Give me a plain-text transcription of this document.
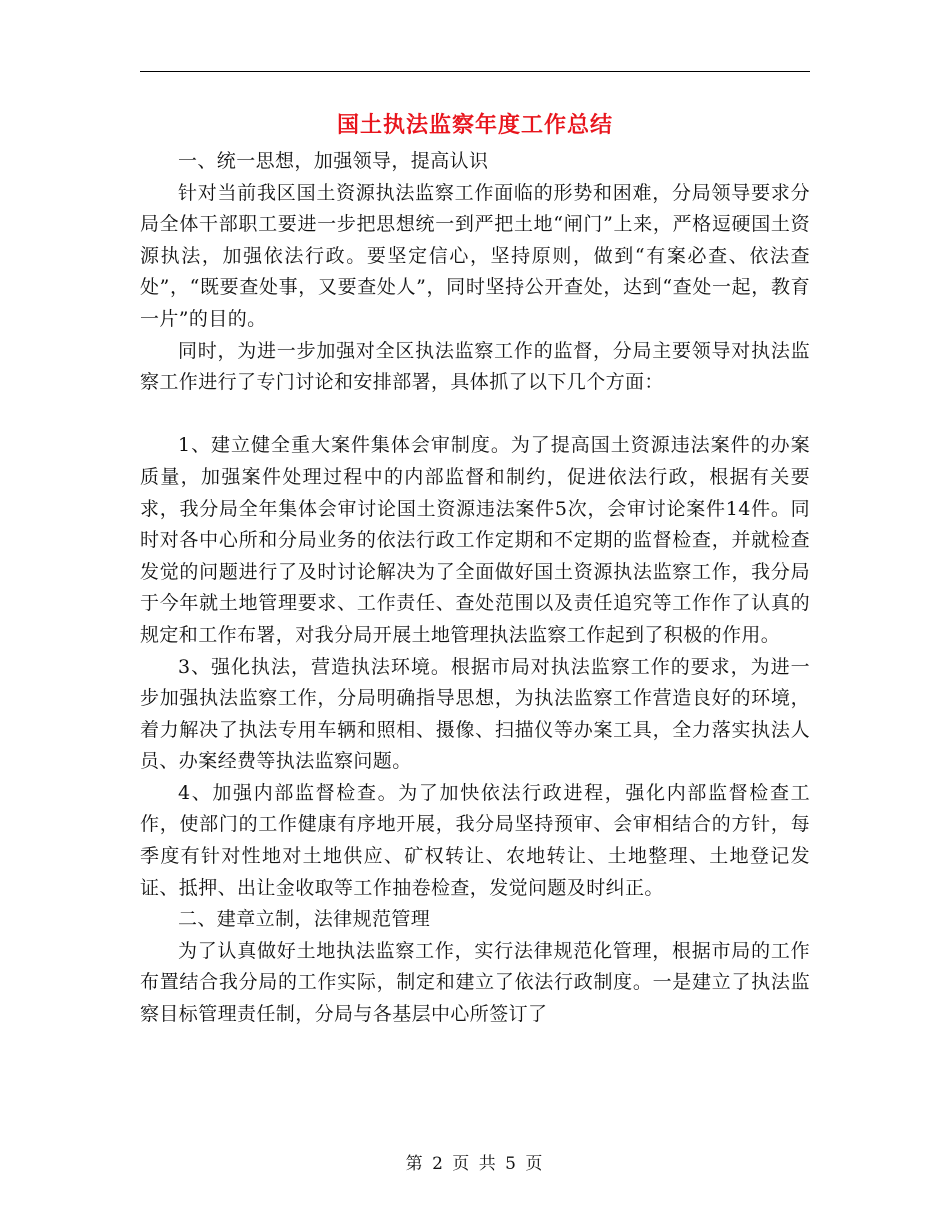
国土执法监察年度工作总结

一、统一思想，加强领导，提高认识

针对当前我区国土资源执法监察工作面临的形势和困难，分局领导要求分局全体干部职工要进一步把思想统一到严把土地“闸门”上来，严格逗硬国土资源执法，加强依法行政。要坚定信心，坚持原则，做到“有案必查、依法查处”，“既要查处事，又要查处人”，同时坚持公开查处，达到“查处一起，教育一片”的目的。

同时，为进一步加强对全区执法监察工作的监督，分局主要领导对执法监察工作进行了专门讨论和安排部署，具体抓了以下几个方面：

1、建立健全重大案件集体会审制度。为了提高国土资源违法案件的办案质量，加强案件处理过程中的内部监督和制约，促进依法行政，根据有关要求，我分局全年集体会审讨论国土资源违法案件5次，会审讨论案件14件。同时对各中心所和分局业务的依法行政工作定期和不定期的监督检查，并就检查发觉的问题进行了及时讨论解决为了全面做好国土资源执法监察工作，我分局于今年就土地管理要求、工作责任、查处范围以及责任追究等工作作了认真的规定和工作布署，对我分局开展土地管理执法监察工作起到了积极的作用。

3、强化执法，营造执法环境。根据市局对执法监察工作的要求，为进一步加强执法监察工作，分局明确指导思想，为执法监察工作营造良好的环境，着力解决了执法专用车辆和照相、摄像、扫描仪等办案工具，全力落实执法人员、办案经费等执法监察问题。

4、加强内部监督检查。为了加快依法行政进程，强化内部监督检查工作，使部门的工作健康有序地开展，我分局坚持预审、会审相结合的方针，每季度有针对性地对土地供应、矿权转让、农地转让、土地整理、土地登记发证、抵押、出让金收取等工作抽卷检查，发觉问题及时纠正。

二、建章立制，法律规范管理

为了认真做好土地执法监察工作，实行法律规范化管理，根据市局的工作布置结合我分局的工作实际，制定和建立了依法行政制度。一是建立了执法监察目标管理责任制，分局与各基层中心所签订了

第 2 页 共 5 页
